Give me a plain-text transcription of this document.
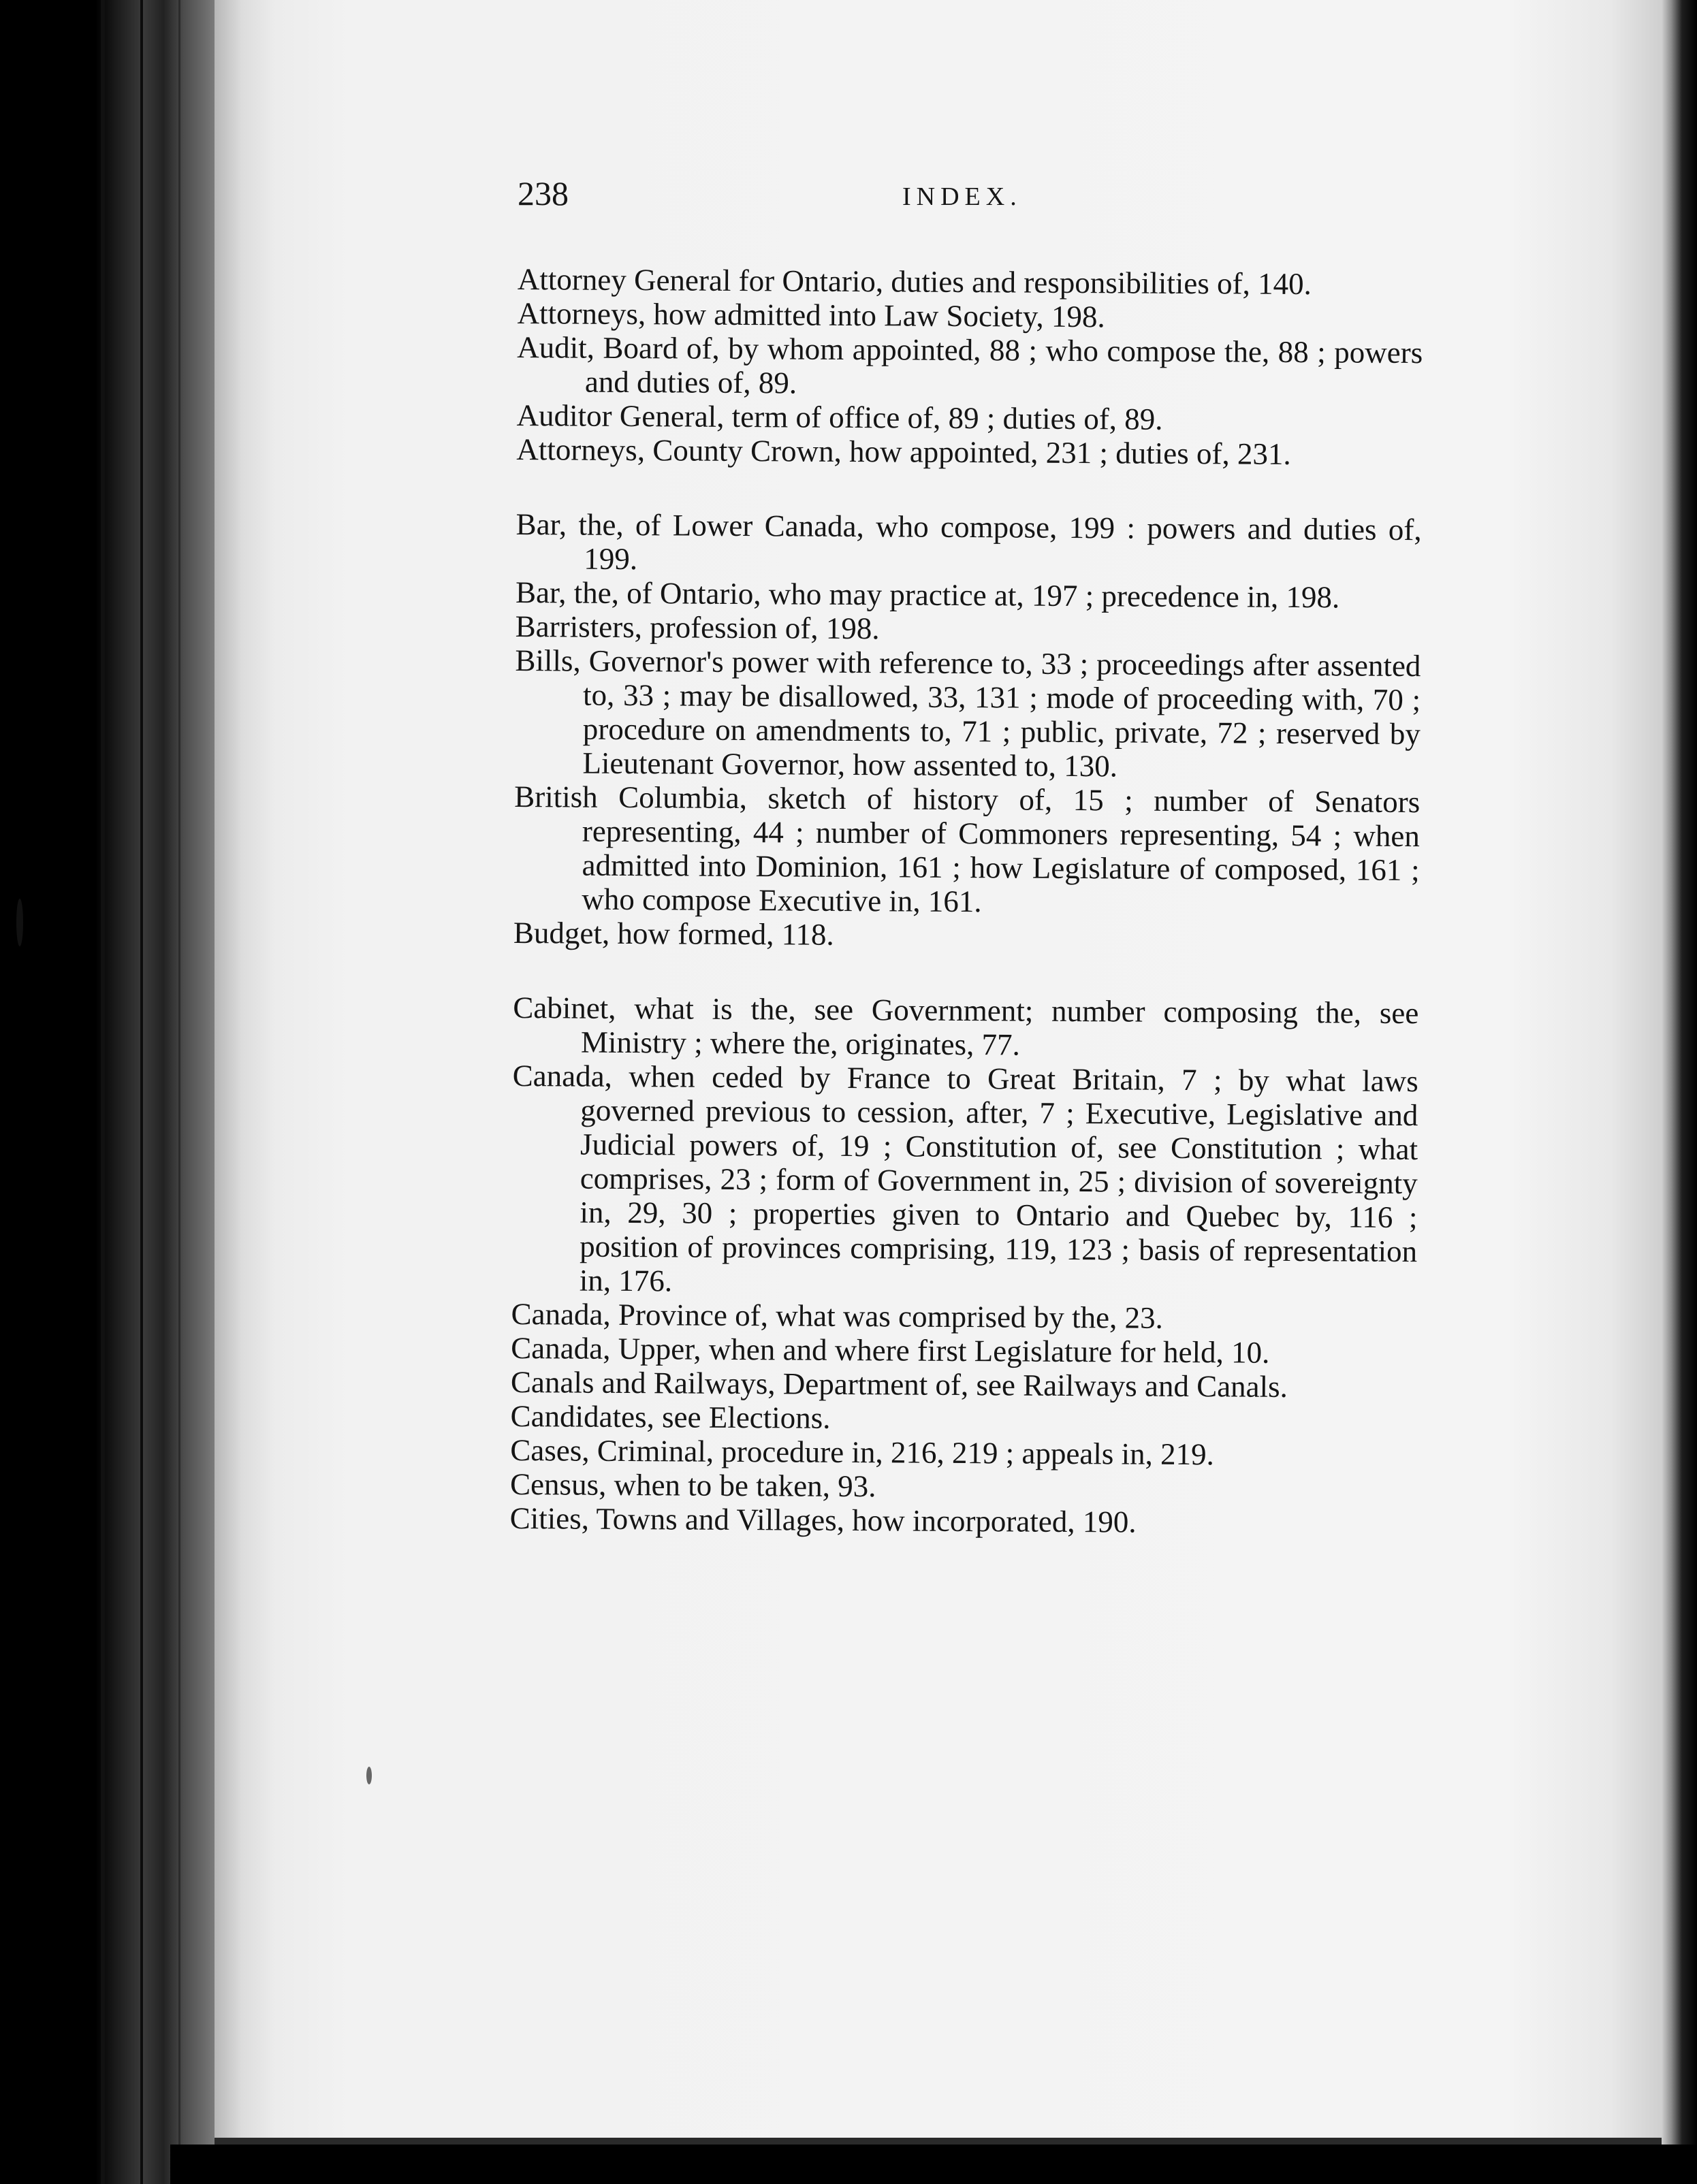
238	INDEX.

Attorney General for Ontario, duties and responsibilities of, 140.

Attorneys, how admitted into Law Society, 198.

Audit, Board of, by whom appointed, 88 ; who compose the, 88 ; powers and duties of, 89.

Auditor General, term of office of, 89 ; duties of, 89.

Attorneys, County Crown, how appointed, 231 ; duties of, 231.

Bar, the, of Lower Canada, who compose, 199 : powers and duties of, 199.

Bar, the, of Ontario, who may practice at, 197 ; precedence in, 198.

Barristers, profession of, 198.

Bills, Governor's power with reference to, 33 ; proceedings after assented to, 33 ; may be disallowed, 33, 131 ; mode of proceeding with, 70 ; procedure on amendments to, 71 ; public, private, 72 ; reserved by Lieutenant Governor, how assented to, 130.

British Columbia, sketch of history of, 15 ; number of Senators representing, 44 ; number of Commoners representing, 54 ; when admitted into Dominion, 161 ; how Legislature of composed, 161 ; who compose Executive in, 161.

Budget, how formed, 118.

Cabinet, what is the, see Government; number composing the, see Ministry ; where the, originates, 77.

Canada, when ceded by France to Great Britain, 7 ; by what laws governed previous to cession, after, 7 ; Executive, Legislative and Judicial powers of, 19 ; Constitution of, see Constitution ; what comprises, 23 ; form of Government in, 25 ; division of sovereignty in, 29, 30 ; properties given to Ontario and Quebec by, 116 ; position of provinces comprising, 119, 123 ; basis of representation in, 176.

Canada, Province of, what was comprised by the, 23.

Canada, Upper, when and where first Legislature for held, 10.

Canals and Railways, Department of, see Railways and Canals.

Candidates, see Elections.

Cases, Criminal, procedure in, 216, 219 ; appeals in, 219.

Census, when to be taken, 93.

Cities, Towns and Villages, how incorporated, 190.
